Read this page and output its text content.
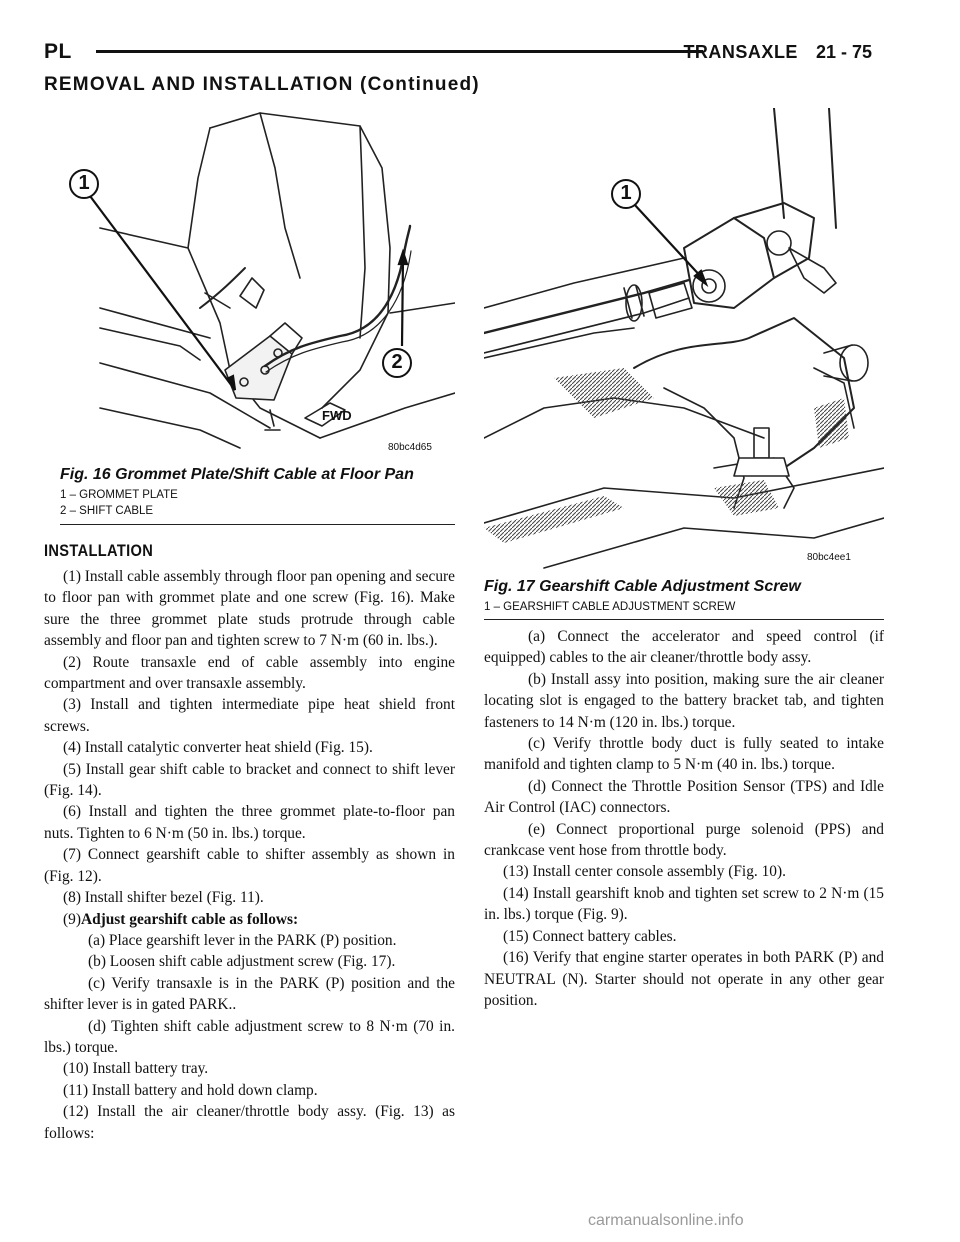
PL	TRANSAXLE 21 - 75
REMOVAL AND INSTALLATION (Continued)
1
2
FWD
80bc4d65
Fig. 16 Grommet Plate/Shift Cable at Floor Pan
1 – GROMMET PLATE
2 – SHIFT CABLE
1
80bc4ee1
Fig. 17 Gearshift Cable Adjustment Screw
1 – GEARSHIFT CABLE ADJUSTMENT SCREW
INSTALLATION

(1) Install cable assembly through floor pan opening and secure to floor pan with grommet plate and one screw (Fig. 16). Make sure the three grommet plate studs protrude through cable assembly and floor pan and tighten screw to 7 N·m (60 in. lbs.).

(2) Route transaxle end of cable assembly into engine compartment and over transaxle assembly.

(3) Install and tighten intermediate pipe heat shield front screws.

(4) Install catalytic converter heat shield (Fig. 15).

(5) Install gear shift cable to bracket and connect to shift lever (Fig. 14).

(6) Install and tighten the three grommet plate-to-floor pan nuts. Tighten to 6 N·m (50 in. lbs.) torque.

(7) Connect gearshift cable to shifter assembly as shown in (Fig. 12).

(8) Install shifter bezel (Fig. 11).

(9)Adjust gearshift cable as follows:

(a) Place gearshift lever in the PARK (P) position.

(b) Loosen shift cable adjustment screw (Fig. 17).

(c) Verify transaxle is in the PARK (P) position and the shifter lever is in gated PARK..

(d) Tighten shift cable adjustment screw to 8 N·m (70 in. lbs.) torque.

(10) Install battery tray.

(11) Install battery and hold down clamp.

(12) Install the air cleaner/throttle body assy. (Fig. 13) as follows:

(a) Connect the accelerator and speed control (if equipped) cables to the air cleaner/throttle body assy.

(b) Install assy into position, making sure the air cleaner locating slot is engaged to the battery bracket tab, and tighten fasteners to 14 N·m (120 in. lbs.) torque.

(c) Verify throttle body duct is fully seated to intake manifold and tighten clamp to 5 N·m (40 in. lbs.) torque.

(d) Connect the Throttle Position Sensor (TPS) and Idle Air Control (IAC) connectors.

(e) Connect proportional purge solenoid (PPS) and crankcase vent hose from throttle body.

(13) Install center console assembly (Fig. 10).

(14) Install gearshift knob and tighten set screw to 2 N·m (15 in. lbs.) torque (Fig. 9).

(15) Connect battery cables.

(16) Verify that engine starter operates in both PARK (P) and NEUTRAL (N). Starter should not operate in any other gear position.

carmanualsonline.info
